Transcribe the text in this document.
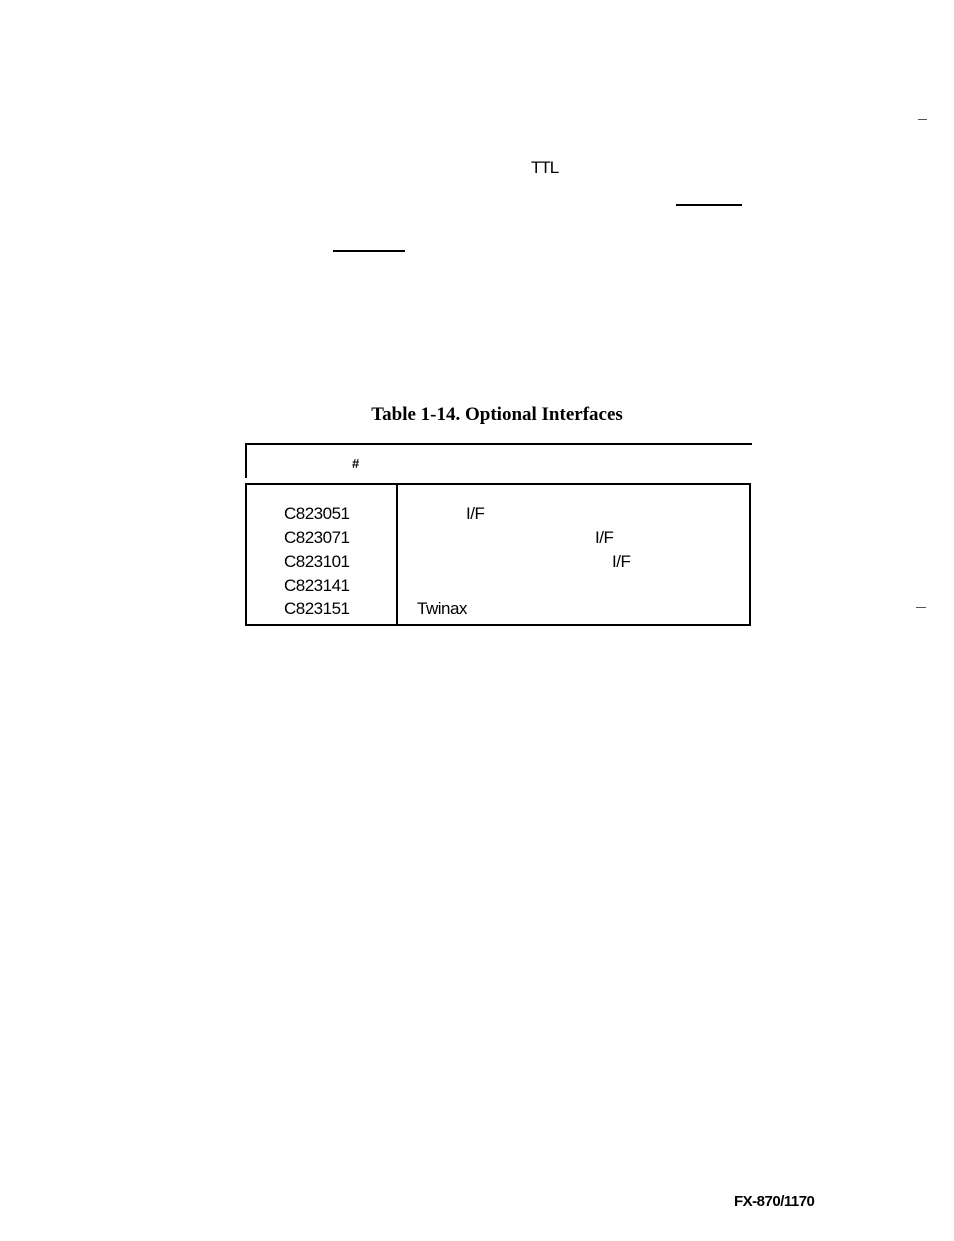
TTL
Table 1-14. Optional Interfaces
#
C823051	I/F
C823071	I/F
C823101	I/F
C823141
C823151	Twinax
FX-870/1170
